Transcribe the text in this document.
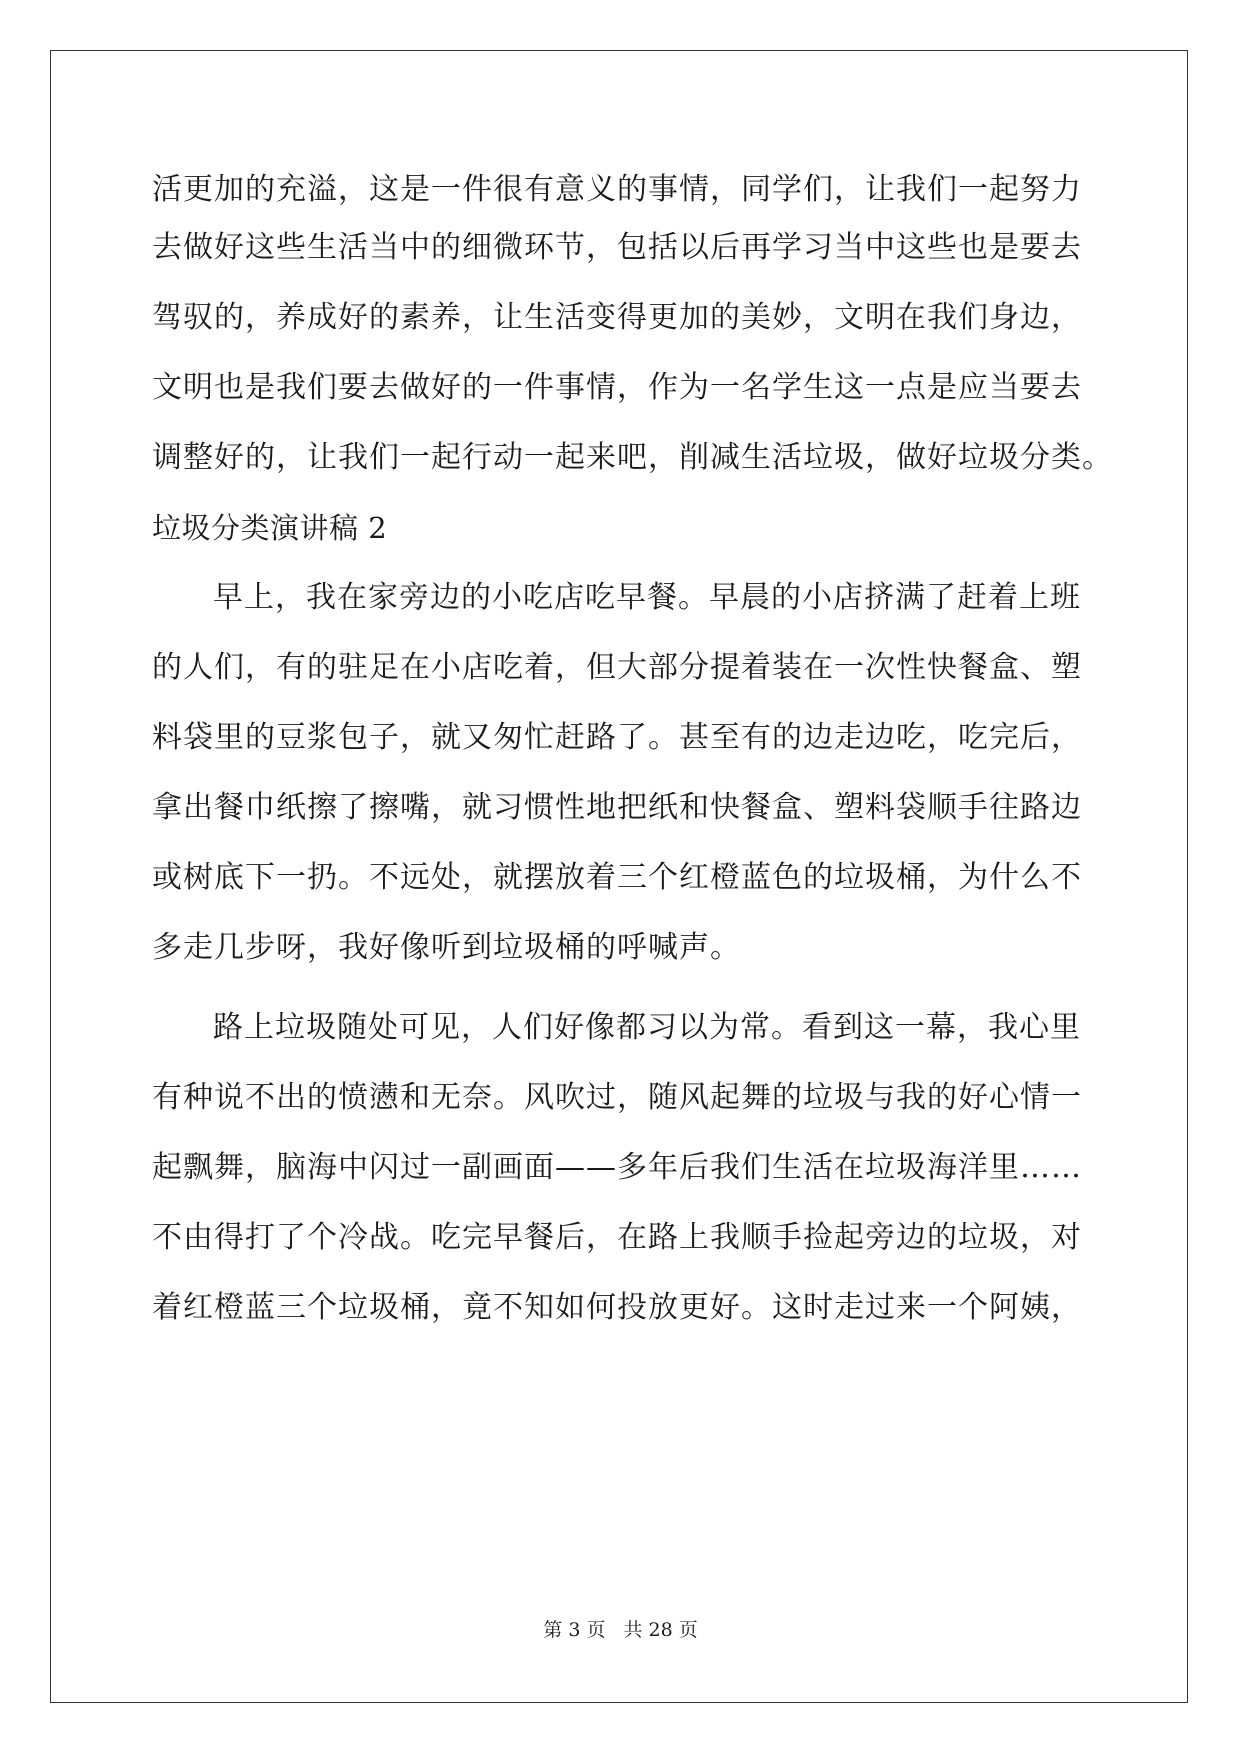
活更加的充溢，这是一件很有意义的事情，同学们，让我们一起努力
去做好这些生活当中的细微环节，包括以后再学习当中这些也是要去
驾驭的，养成好的素养，让生活变得更加的美妙，文明在我们身边，
文明也是我们要去做好的一件事情，作为一名学生这一点是应当要去
调整好的，让我们一起行动一起来吧，削减生活垃圾，做好垃圾分类。
垃圾分类演讲稿 2
早上，我在家旁边的小吃店吃早餐。早晨的小店挤满了赶着上班
的人们，有的驻足在小店吃着，但大部分提着装在一次性快餐盒、塑
料袋里的豆浆包子，就又匆忙赶路了。甚至有的边走边吃，吃完后，
拿出餐巾纸擦了擦嘴，就习惯性地把纸和快餐盒、塑料袋顺手往路边
或树底下一扔。不远处，就摆放着三个红橙蓝色的垃圾桶，为什么不
多走几步呀，我好像听到垃圾桶的呼喊声。
路上垃圾随处可见，人们好像都习以为常。看到这一幕，我心里
有种说不出的愤懑和无奈。风吹过，随风起舞的垃圾与我的好心情一
起飘舞，脑海中闪过一副画面——多年后我们生活在垃圾海洋里……
不由得打了个冷战。吃完早餐后，在路上我顺手捡起旁边的垃圾，对
着红橙蓝三个垃圾桶，竟不知如何投放更好。这时走过来一个阿姨，
第 3 页 共 28 页
